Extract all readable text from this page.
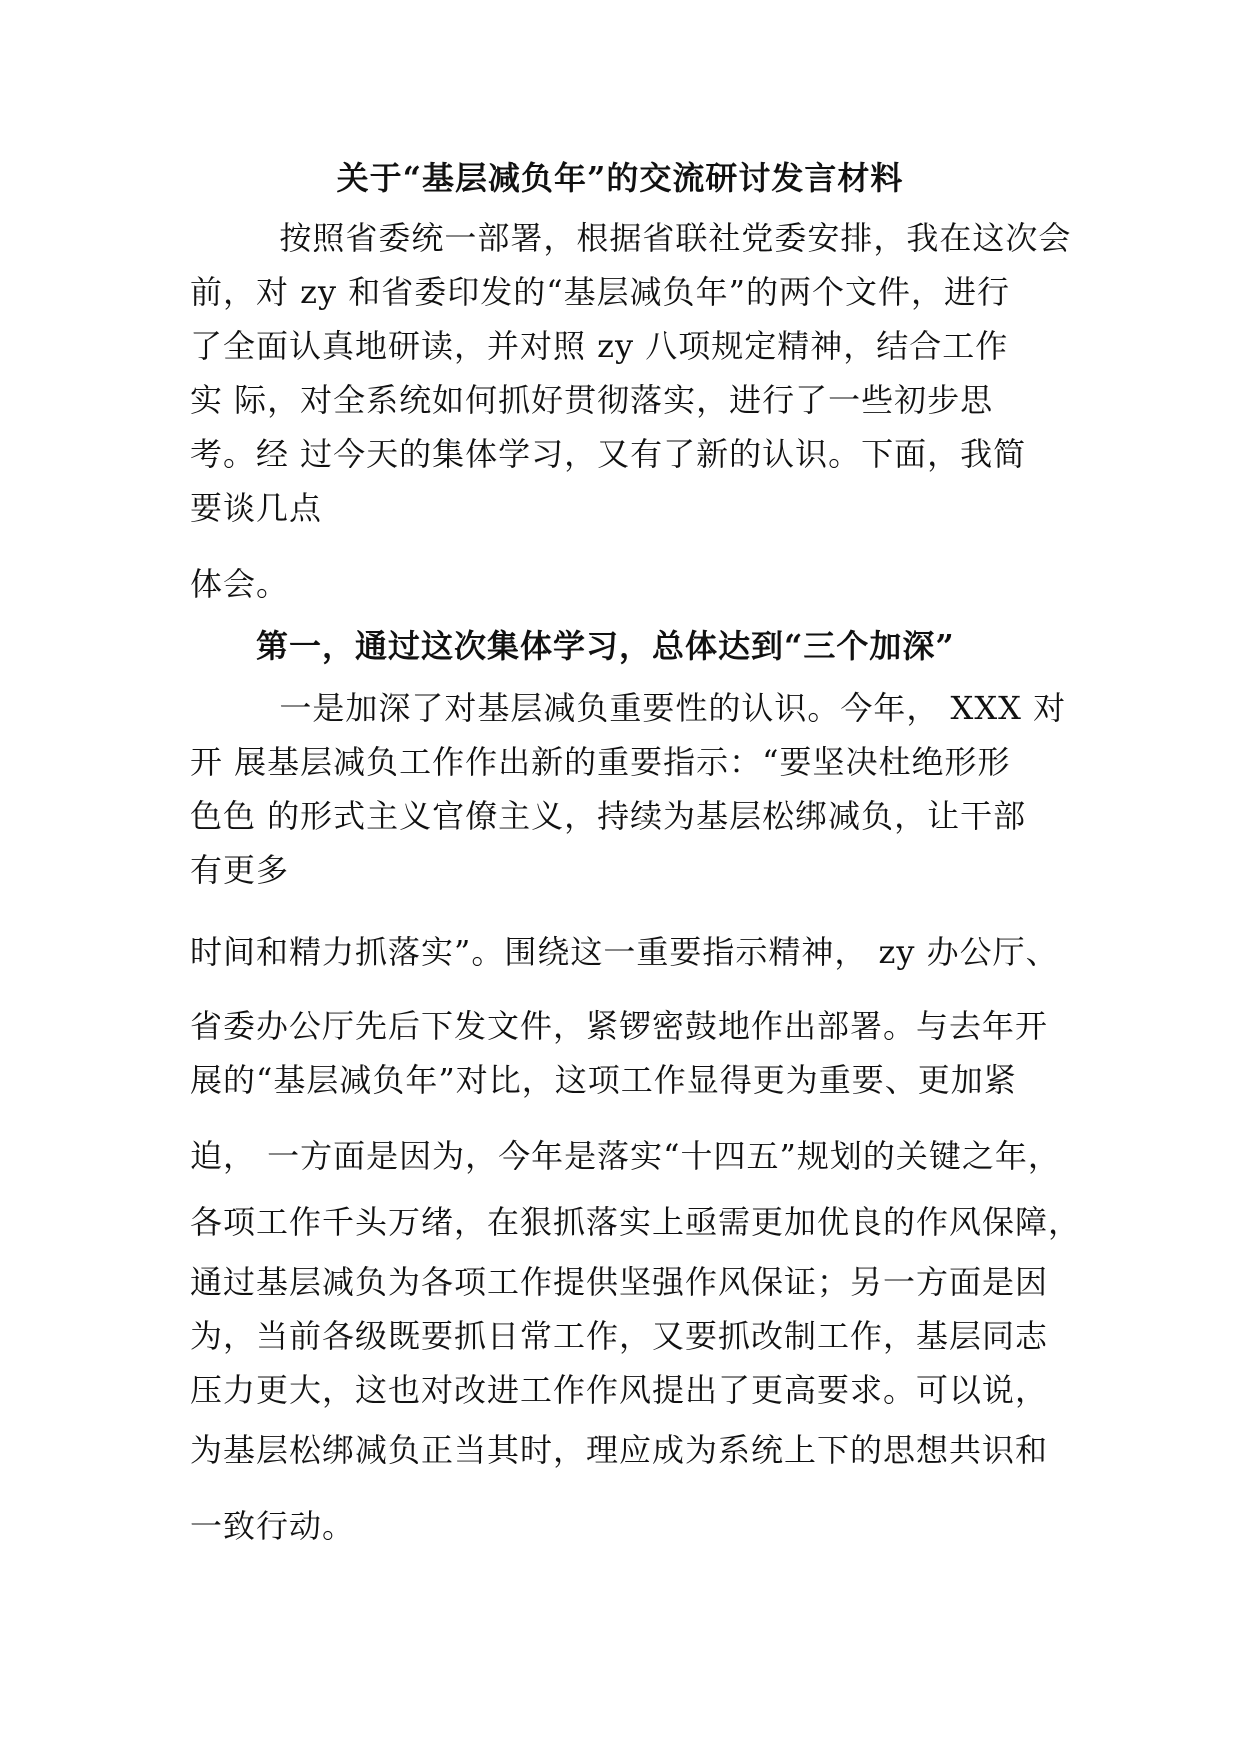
关于“基层减负年”的交流研讨发言材料
按照省委统一部署，根据省联社党委安排，我在这次会
前，对 zy 和省委印发的“基层减负年”的两个文件，进行
了全面认真地研读，并对照 zy 八项规定精神，结合工作
实 际，对全系统如何抓好贯彻落实，进行了一些初步思
考。经 过今天的集体学习，又有了新的认识。下面，我简
要谈几点
体会。
第一，通过这次集体学习，总体达到“三个加深”
一是加深了对基层减负重要性的认识。今年， XXX 对
开 展基层减负工作作出新的重要指示：“要坚决杜绝形形
色色 的形式主义官僚主义，持续为基层松绑减负，让干部
有更多
时间和精力抓落实”。围绕这一重要指示精神， zy 办公厅、
省委办公厅先后下发文件，紧锣密鼓地作出部署。与去年开
展的“基层减负年”对比，这项工作显得更为重要、更加紧
迫， 一方面是因为，今年是落实“十四五”规划的关键之年，
各项工作千头万绪，在狠抓落实上亟需更加优良的作风保障，
通过基层减负为各项工作提供坚强作风保证；另一方面是因
为，当前各级既要抓日常工作，又要抓改制工作，基层同志
压力更大，这也对改进工作作风提出了更高要求。可以说，
为基层松绑减负正当其时，理应成为系统上下的思想共识和
一致行动。
